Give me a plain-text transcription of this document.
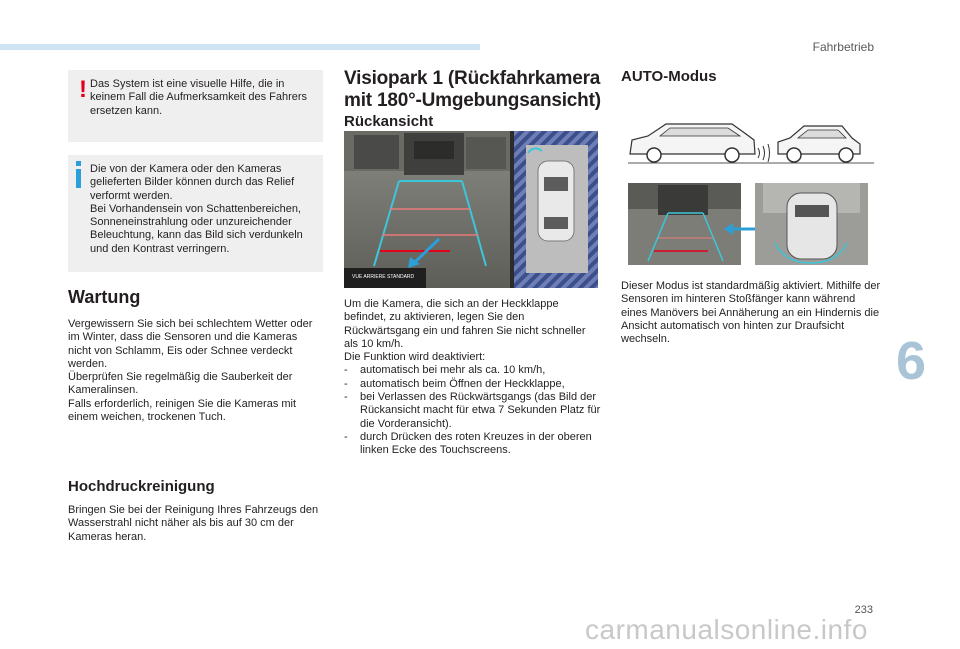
Fahrbetrieb
6
233
carmanualsonline.info
! Das System ist eine visuelle Hilfe, die in keinem Fall die Aufmerksamkeit des Fahrers ersetzen kann.

Die von der Kamera oder den Kameras gelieferten Bilder können durch das Relief verformt werden.

Bei Vorhandensein von Schattenbereichen, Sonneneinstrahlung oder unzureichender Beleuchtung, kann das Bild sich verdunkeln und den Kontrast verringern.

Wartung

Vergewissern Sie sich bei schlechtem Wetter oder im Winter, dass die Sensoren und die Kameras nicht von Schlamm, Eis oder Schnee verdeckt werden.

Überprüfen Sie regelmäßig die Sauberkeit der Kameralinsen.

Falls erforderlich, reinigen Sie die Kameras mit einem weichen, trockenen Tuch.

Hochdruckreinigung

Bringen Sie bei der Reinigung Ihres Fahrzeugs den Wasserstrahl nicht näher als bis auf 30 cm der Kameras heran.

Visiopark 1 (Rückfahrkamera
mit 180°-Umgebungsansicht)
Rückansicht
VUE ARRIERE STANDARD

Um die Kamera, die sich an der Heckklappe befindet, zu aktivieren, legen Sie den Rückwärtsgang ein und fahren Sie nicht schneller als 10 km/h.

Die Funktion wird deaktiviert:

- automatisch bei mehr als ca. 10 km/h,
- automatisch beim Öffnen der Heckklappe,
- bei Verlassen des Rückwärtsgangs (das Bild der Rückansicht macht für etwa 7 Sekunden Platz für die Vorderansicht).
- durch Drücken des roten Kreuzes in der oberen linken Ecke des Touchscreens.
AUTO-Modus

Dieser Modus ist standardmäßig aktiviert. Mithilfe der Sensoren im hinteren Stoßfänger kann während eines Manövers bei Annäherung an ein Hindernis die Ansicht automatisch von hinten zur Draufsicht wechseln.
